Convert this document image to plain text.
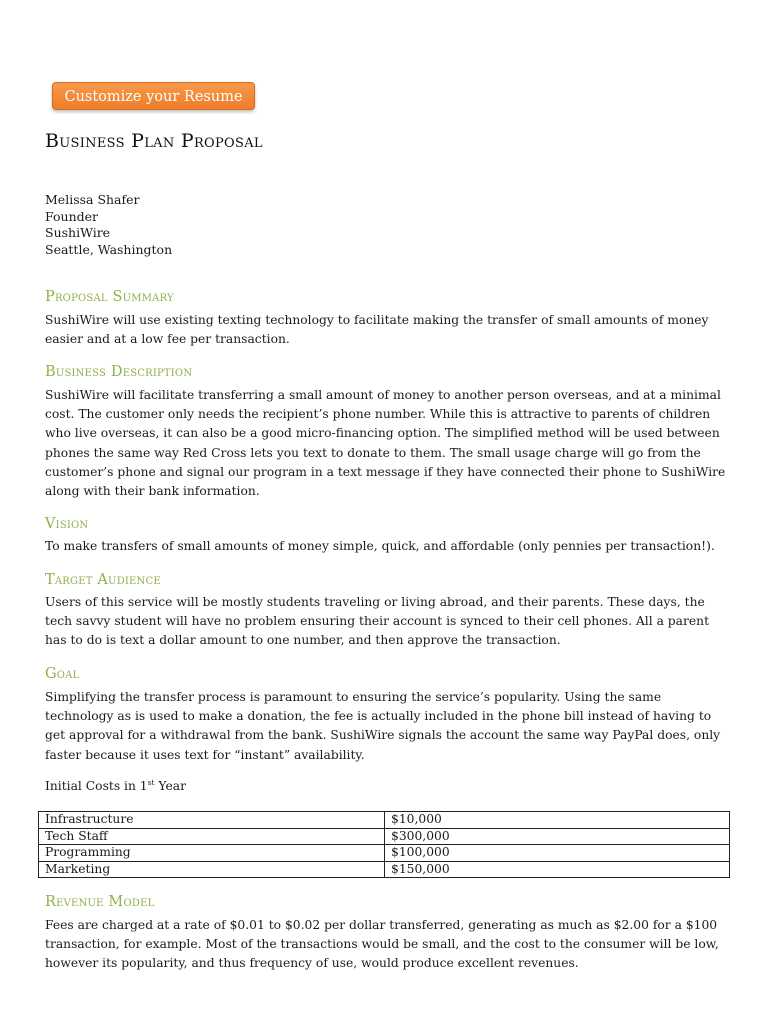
Customize your Resume
Business Plan Proposal
Melissa Shafer
Founder
SushiWire
Seattle, Washington
Proposal Summary

SushiWire will use existing texting technology to facilitate making the transfer of small amounts of money easier and at a low fee per transaction.

Business Description

SushiWire will facilitate transferring a small amount of money to another person overseas, and at a minimal cost. The customer only needs the recipient’s phone number. While this is attractive to parents of children who live overseas, it can also be a good micro-financing option. The simplified method will be used between phones the same way Red Cross lets you text to donate to them. The small usage charge will go from the customer’s phone and signal our program in a text message if they have connected their phone to SushiWire along with their bank information.

Vision

To make transfers of small amounts of money simple, quick, and affordable (only pennies per transaction!).

Target Audience

Users of this service will be mostly students traveling or living abroad, and their parents. These days, the tech savvy student will have no problem ensuring their account is synced to their cell phones. All a parent has to do is text a dollar amount to one number, and then approve the transaction.

Goal

Simplifying the transfer process is paramount to ensuring the service’s popularity. Using the same technology as is used to make a donation, the fee is actually included in the phone bill instead of having to get approval for a withdrawal from the bank. SushiWire signals the account the same way PayPal does, only faster because it uses text for “instant” availability.

Initial Costs in 1st Year
Infrastructure	$10,000
Tech Staff	$300,000
Programming	$100,000
Marketing	$150,000
Revenue Model

Fees are charged at a rate of $0.01 to $0.02 per dollar transferred, generating as much as $2.00 for a $100 transaction, for example. Most of the transactions would be small, and the cost to the consumer will be low, however its popularity, and thus frequency of use, would produce excellent revenues.
